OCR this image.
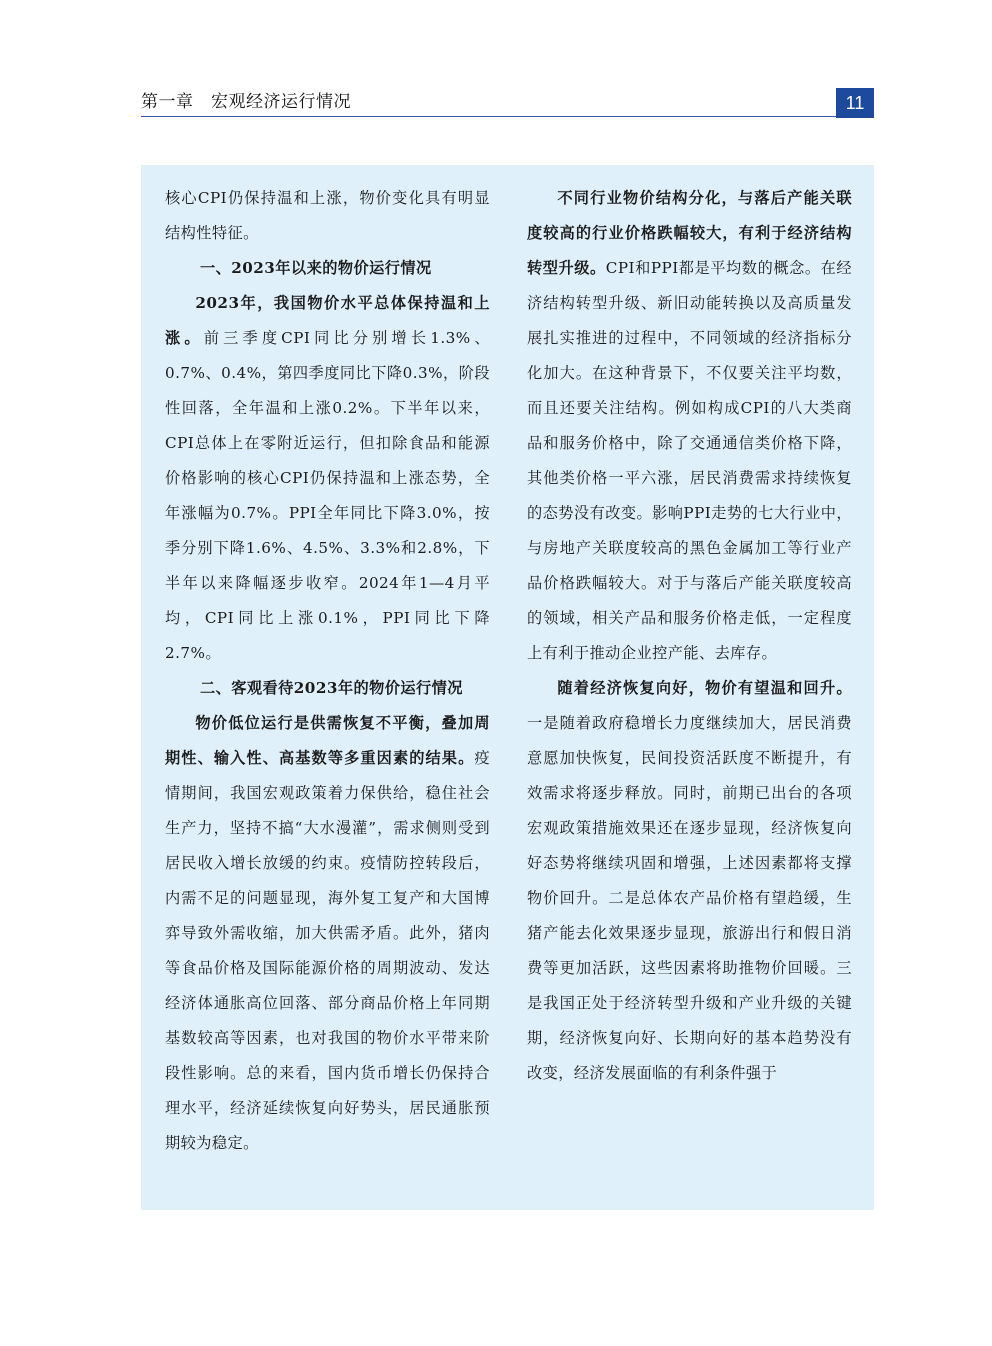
第一章　宏观经济运行情况	11

核心CPI仍保持温和上涨，物价变化具有明显结构性特征。

一、2023年以来的物价运行情况

2023年，我国物价水平总体保持温和上涨。前三季度CPI同比分别增长1.3%、0.7%、0.4%，第四季度同比下降0.3%，阶段性回落，全年温和上涨0.2%。下半年以来，CPI总体上在零附近运行，但扣除食品和能源价格影响的核心CPI仍保持温和上涨态势，全年涨幅为0.7%。PPI全年同比下降3.0%，按季分别下降1.6%、4.5%、3.3%和2.8%，下半年以来降幅逐步收窄。2024年1—4月平均，CPI同比上涨0.1%，PPI同比下降2.7%。

二、客观看待2023年的物价运行情况

物价低位运行是供需恢复不平衡，叠加周期性、输入性、高基数等多重因素的结果。疫情期间，我国宏观政策着力保供给，稳住社会生产力，坚持不搞“大水漫灌”，需求侧则受到居民收入增长放缓的约束。疫情防控转段后，内需不足的问题显现，海外复工复产和大国博弈导致外需收缩，加大供需矛盾。此外，猪肉等食品价格及国际能源价格的周期波动、发达经济体通胀高位回落、部分商品价格上年同期基数较高等因素，也对我国的物价水平带来阶段性影响。总的来看，国内货币增长仍保持合理水平，经济延续恢复向好势头，居民通胀预期较为稳定。

不同行业物价结构分化，与落后产能关联度较高的行业价格跌幅较大，有利于经济结构转型升级。CPI和PPI都是平均数的概念。在经济结构转型升级、新旧动能转换以及高质量发展扎实推进的过程中，不同领域的经济指标分化加大。在这种背景下，不仅要关注平均数，而且还要关注结构。例如构成CPI的八大类商品和服务价格中，除了交通通信类价格下降，其他类价格一平六涨，居民消费需求持续恢复的态势没有改变。影响PPI走势的七大行业中，与房地产关联度较高的黑色金属加工等行业产品价格跌幅较大。对于与落后产能关联度较高的领域，相关产品和服务价格走低，一定程度上有利于推动企业控产能、去库存。

随着经济恢复向好，物价有望温和回升。一是随着政府稳增长力度继续加大，居民消费意愿加快恢复，民间投资活跃度不断提升，有效需求将逐步释放。同时，前期已出台的各项宏观政策措施效果还在逐步显现，经济恢复向好态势将继续巩固和增强，上述因素都将支撑物价回升。二是总体农产品价格有望趋缓，生猪产能去化效果逐步显现，旅游出行和假日消费等更加活跃，这些因素将助推物价回暖。三是我国正处于经济转型升级和产业升级的关键期，经济恢复向好、长期向好的基本趋势没有改变，经济发展面临的有利条件强于
